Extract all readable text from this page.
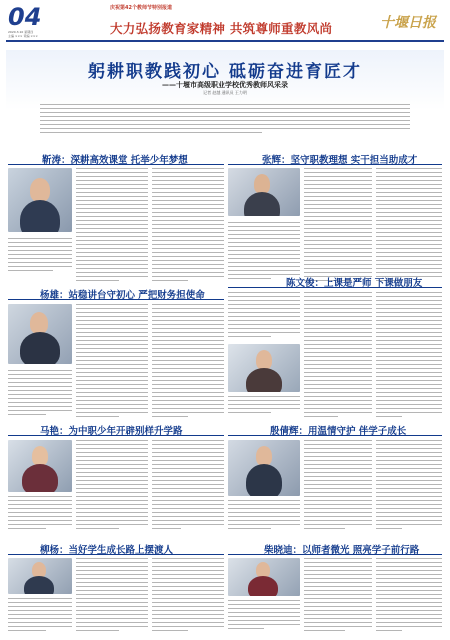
04
2020.3.10 星期四
主编 ××× 责编 ×××
庆祝第42个教师节特别报道
大力弘扬教育家精神 共筑尊师重教风尚	十堰日报
躬耕职教践初心 砥砺奋进育匠才
——十堰市高级职业学校优秀教师风采录
记者 赵越 通讯员 王力明
靳涛：深耕高效课堂 托举少年梦想	张辉：坚守职教理想 实干担当助成才
杨雄：站稳讲台守初心 严把财务担使命
陈文俊：上课是严师 下课做朋友
马艳：为中职少年开辟别样升学路	殷倩辉：用温情守护 伴学子成长
柳杨：当好学生成长路上摆渡人	柴晓迪：以师者微光 照亮学子前行路
